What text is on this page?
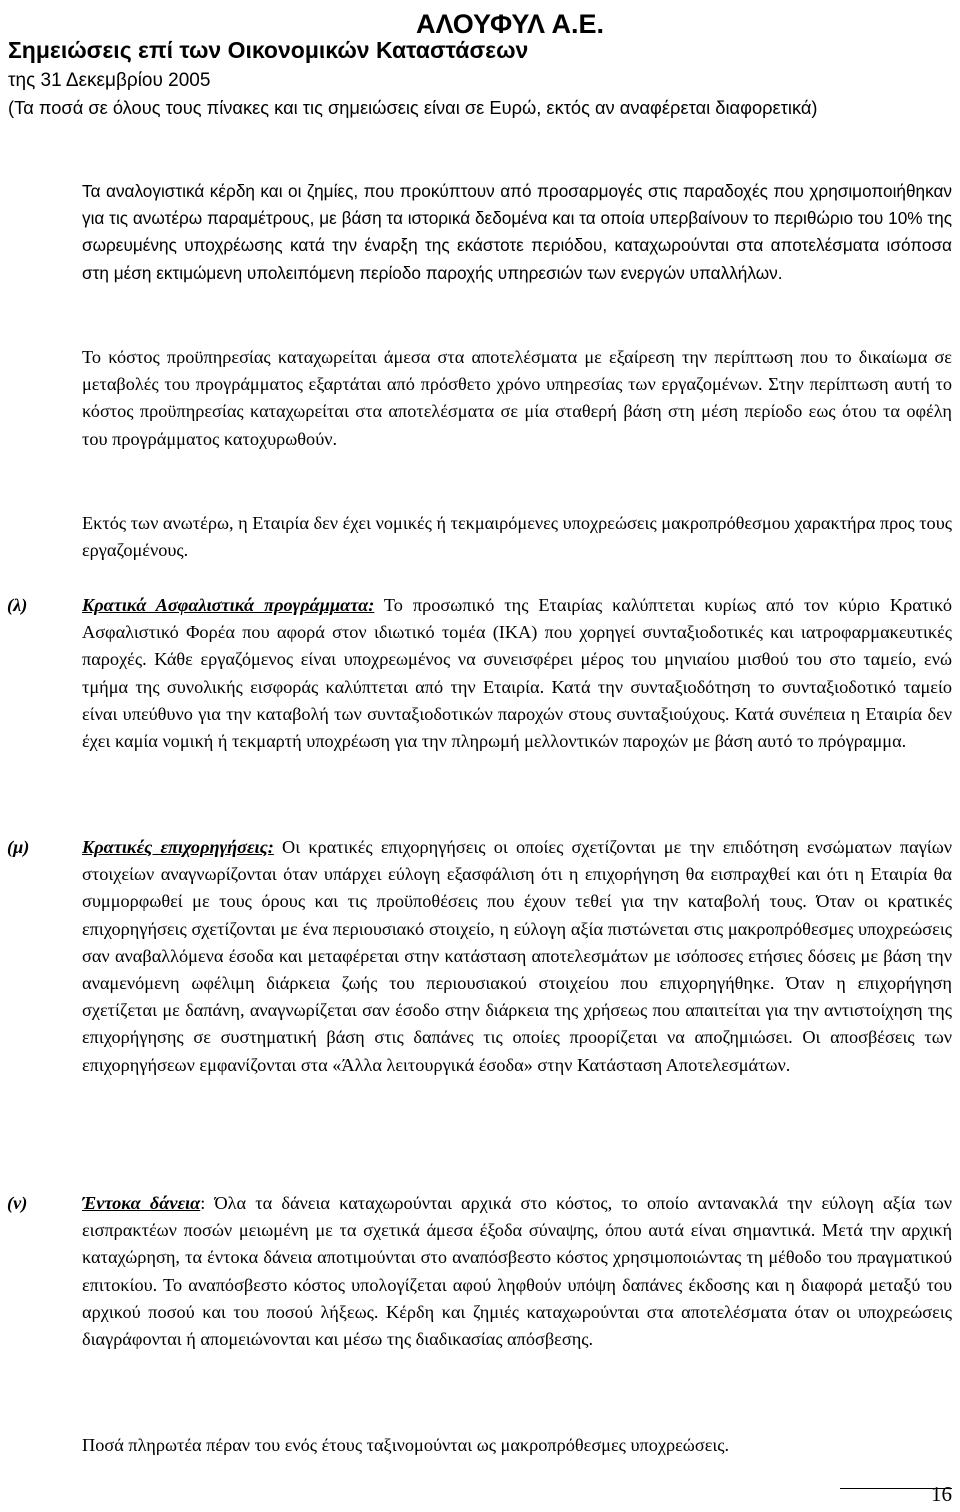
ΑΛΟΥΦΥΛ Α.Ε.
Σημειώσεις επί των Οικονομικών Καταστάσεων
της 31 Δεκεμβρίου 2005
(Τα ποσά σε όλους τους πίνακες και τις σημειώσεις είναι σε Ευρώ, εκτός αν αναφέρεται διαφορετικά)

Τα αναλογιστικά κέρδη και οι ζημίες, που προκύπτουν από προσαρμογές στις παραδοχές που χρησιμοποιήθηκαν για τις ανωτέρω παραμέτρους, με βάση τα ιστορικά δεδομένα και τα οποία υπερβαίνουν το περιθώριο του 10% της σωρευμένης υποχρέωσης κατά την έναρξη της εκάστοτε περιόδου, καταχωρούνται στα αποτελέσματα ισόποσα στη μέση εκτιμώμενη υπολειπόμενη περίοδο παροχής υπηρεσιών των ενεργών υπαλλήλων.

Το κόστος προϋπηρεσίας καταχωρείται άμεσα στα αποτελέσματα με εξαίρεση την περίπτωση που το δικαίωμα σε μεταβολές του προγράμματος εξαρτάται από πρόσθετο χρόνο υπηρεσίας των εργαζομένων. Στην περίπτωση αυτή το κόστος προϋπηρεσίας καταχωρείται στα αποτελέσματα σε μία σταθερή βάση στη μέση περίοδο εως ότου τα οφέλη του προγράμματος κατοχυρωθούν.

Εκτός των ανωτέρω, η Εταιρία δεν έχει νομικές ή τεκμαιρόμενες υποχρεώσεις μακροπρόθεσμου χαρακτήρα προς τους εργαζομένους.

(λ)	Κρατικά Ασφαλιστικά προγράμματα: Το προσωπικό της Εταιρίας καλύπτεται κυρίως από τον κύριο Κρατικό Ασφαλιστικό Φορέα που αφορά στον ιδιωτικό τομέα (ΙΚΑ) που χορηγεί συνταξιοδοτικές και ιατροφαρμακευτικές παροχές. Κάθε εργαζόμενος είναι υποχρεωμένος να συνεισφέρει μέρος του μηνιαίου μισθού του στο ταμείο, ενώ τμήμα της συνολικής εισφοράς καλύπτεται από την Εταιρία. Κατά την συνταξιοδότηση το συνταξιοδοτικό ταμείο είναι υπεύθυνο για την καταβολή των συνταξιοδοτικών παροχών στους συνταξιούχους. Κατά συνέπεια η Εταιρία δεν έχει καμία νομική ή τεκμαρτή υποχρέωση για την πληρωμή μελλοντικών παροχών με βάση αυτό το πρόγραμμα.

(μ)	Κρατικές επιχορηγήσεις: Οι κρατικές επιχορηγήσεις οι οποίες σχετίζονται με την επιδότηση ενσώματων παγίων στοιχείων αναγνωρίζονται όταν υπάρχει εύλογη εξασφάλιση ότι η επιχορήγηση θα εισπραχθεί και ότι η Εταιρία θα συμμορφωθεί με τους όρους και τις προϋποθέσεις που έχουν τεθεί για την καταβολή τους. Όταν οι κρατικές επιχορηγήσεις σχετίζονται με ένα περιουσιακό στοιχείο, η εύλογη αξία πιστώνεται στις μακροπρόθεσμες υποχρεώσεις σαν αναβαλλόμενα έσοδα και μεταφέρεται στην κατάσταση αποτελεσμάτων με ισόποσες ετήσιες δόσεις με βάση την αναμενόμενη ωφέλιμη διάρκεια ζωής του περιουσιακού στοιχείου που επιχορηγήθηκε. Όταν η επιχορήγηση σχετίζεται με δαπάνη, αναγνωρίζεται σαν έσοδο στην διάρκεια της χρήσεως που απαιτείται για την αντιστοίχηση της επιχορήγησης σε συστηματική βάση στις δαπάνες τις οποίες προορίζεται να αποζημιώσει. Οι αποσβέσεις των επιχορηγήσεων εμφανίζονται στα «Άλλα λειτουργικά έσοδα» στην Κατάσταση Αποτελεσμάτων.

(ν)	Έντοκα δάνεια: Όλα τα δάνεια καταχωρούνται αρχικά στο κόστος, το οποίο αντανακλά την εύλογη αξία των εισπρακτέων ποσών μειωμένη με τα σχετικά άμεσα έξοδα σύναψης, όπου αυτά είναι σημαντικά. Μετά την αρχική καταχώρηση, τα έντοκα δάνεια αποτιμούνται στο αναπόσβεστο κόστος χρησιμοποιώντας τη μέθοδο του πραγματικού επιτοκίου. Το αναπόσβεστο κόστος υπολογίζεται αφού ληφθούν υπόψη δαπάνες έκδοσης και η διαφορά μεταξύ του αρχικού ποσού και του ποσού λήξεως. Κέρδη και ζημιές καταχωρούνται στα αποτελέσματα όταν οι υποχρεώσεις διαγράφονται ή απομειώνονται και μέσω της διαδικασίας απόσβεσης.

Ποσά πληρωτέα πέραν του ενός έτους ταξινομούνται ως μακροπρόθεσμες υποχρεώσεις.

16
